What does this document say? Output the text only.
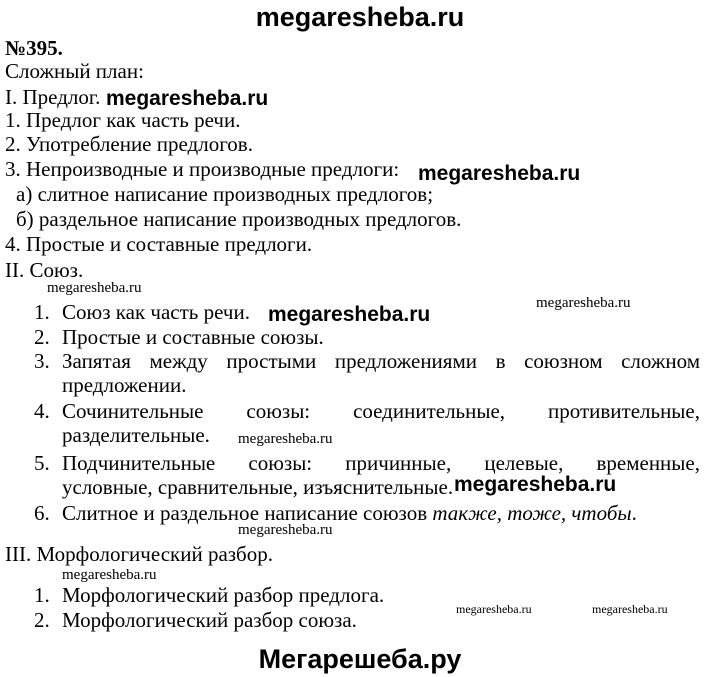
megaresheba.ru
№395.
Сложный план:
I. Предлог.
1. Предлог как часть речи.
2. Употребление предлогов.
3. Непроизводные и производные предлоги:
а) слитное написание производных предлогов;
б) раздельное написание производных предлогов.
4. Простые и составные предлоги.
II. Союз.
1. Союз как часть речи.
2. Простые и составные союзы.
3. Запятая между простыми предложениями в союзном сложном
предложении.
4. Сочинительные союзы: соединительные, противительные,
разделительные.
5. Подчинительные союзы: причинные, целевые, временные,
условные, сравнительные, изъяснительные.
6. Слитное и раздельное написание союзов также, тоже, чтобы.
III. Морфологический разбор.
1. Морфологический разбор предлога.
2. Морфологический разбор союза.
megaresheba.ru
megaresheba.ru
megaresheba.ru
megaresheba.ru
megaresheba.ru
megaresheba.ru
megaresheba.ru
megaresheba.ru
megaresheba.ru
megaresheba.ru	megaresheba.ru
Мегарешеба.ру
